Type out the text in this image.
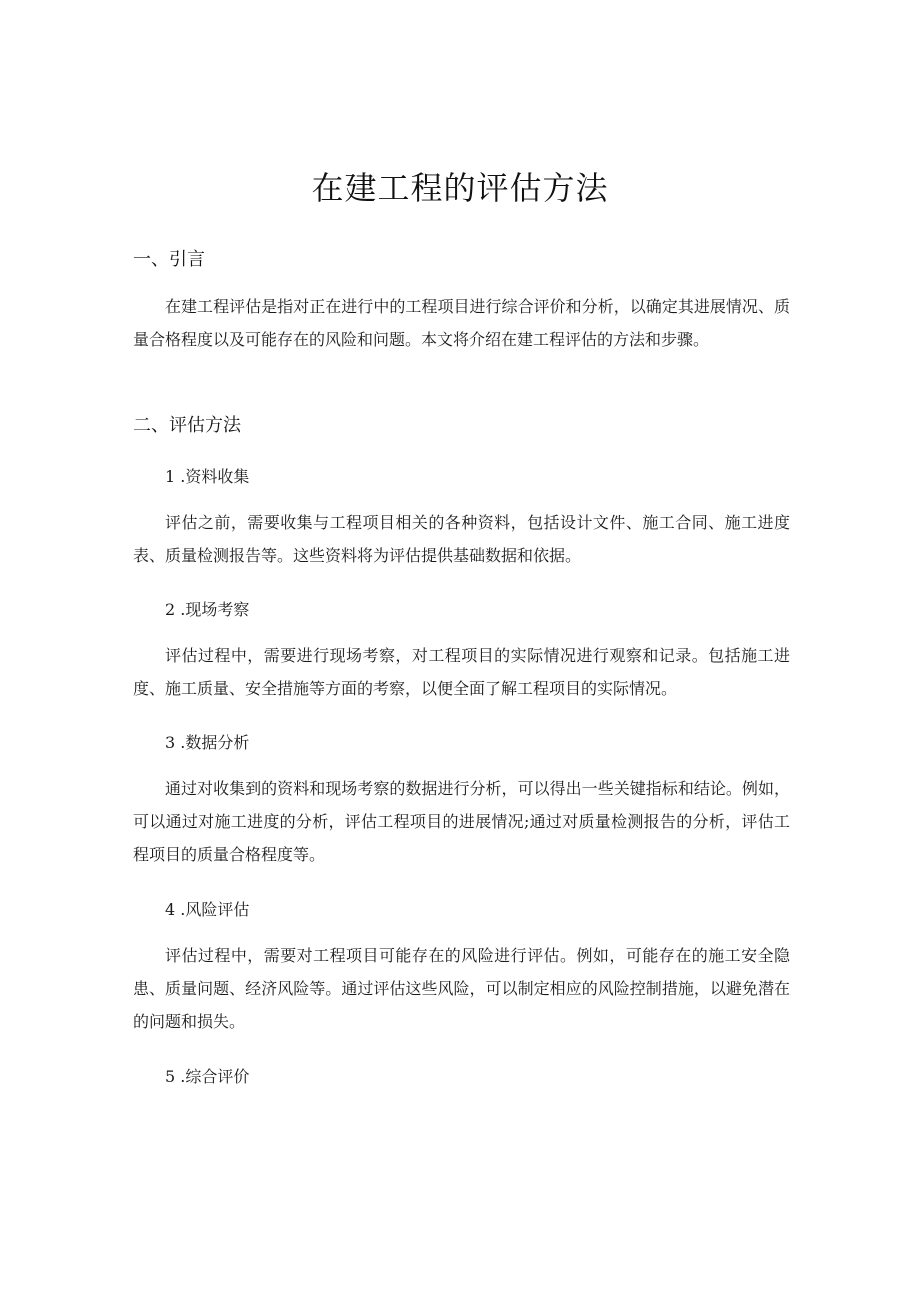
在建工程的评估方法
一、引言

在建工程评估是指对正在进行中的工程项目进行综合评价和分析，以确定其进展情况、质量合格程度以及可能存在的风险和问题。本文将介绍在建工程评估的方法和步骤。

二、评估方法
1 .资料收集

评估之前，需要收集与工程项目相关的各种资料，包括设计文件、施工合同、施工进度表、质量检测报告等。这些资料将为评估提供基础数据和依据。

2 .现场考察

评估过程中，需要进行现场考察，对工程项目的实际情况进行观察和记录。包括施工进度、施工质量、安全措施等方面的考察，以便全面了解工程项目的实际情况。

3 .数据分析

通过对收集到的资料和现场考察的数据进行分析，可以得出一些关键指标和结论。例如，可以通过对施工进度的分析，评估工程项目的进展情况;通过对质量检测报告的分析，评估工程项目的质量合格程度等。

4 .风险评估

评估过程中，需要对工程项目可能存在的风险进行评估。例如，可能存在的施工安全隐患、质量问题、经济风险等。通过评估这些风险，可以制定相应的风险控制措施，以避免潜在的问题和损失。

5 .综合评价
